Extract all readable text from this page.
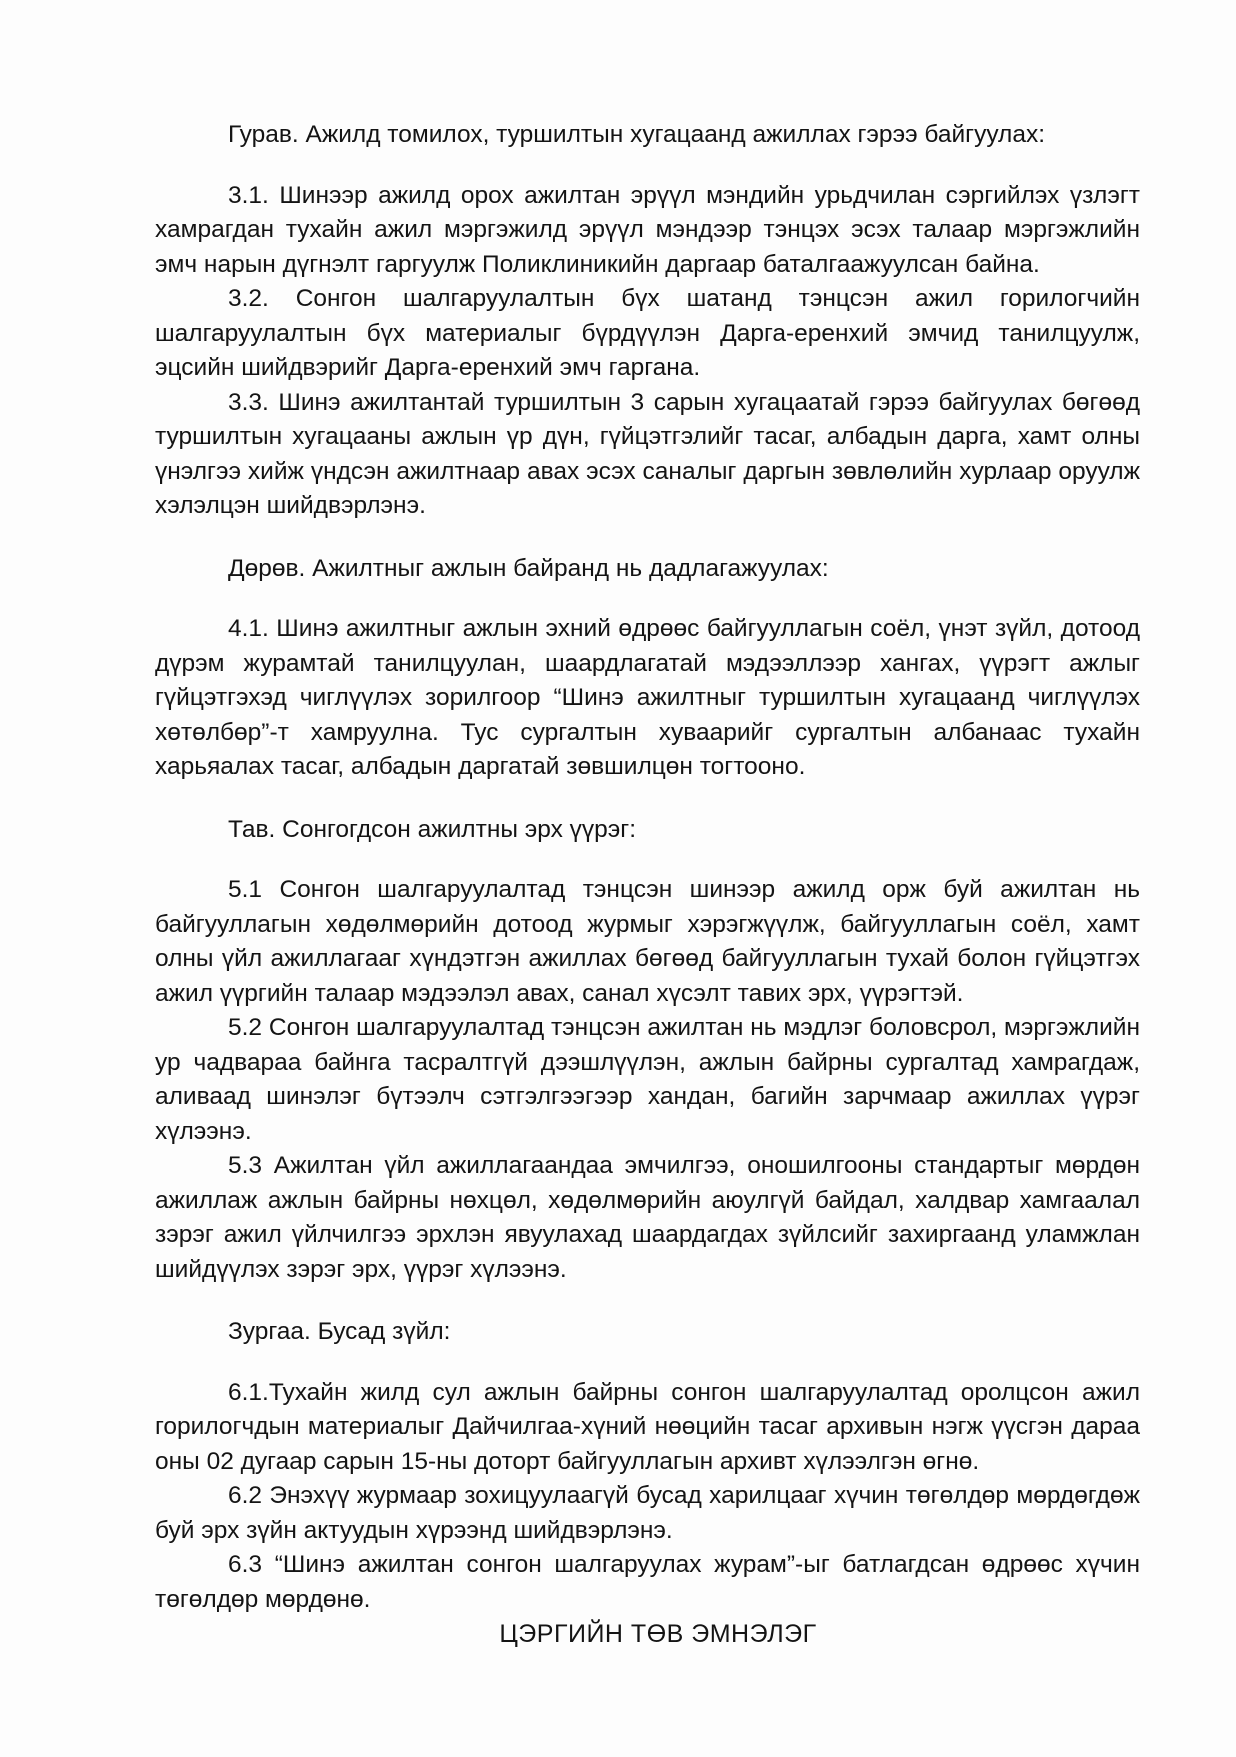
Гурав. Ажилд томилох, туршилтын хугацаанд ажиллах гэрээ байгуулах:

3.1. Шинээр ажилд орох ажилтан эрүүл мэндийн урьдчилан сэргийлэх үзлэгт хамрагдан тухайн ажил мэргэжилд эрүүл мэндээр тэнцэх эсэх талаар мэргэжлийн эмч нарын дүгнэлт гаргуулж Поликлиникийн даргаар баталгаажуулсан байна.

3.2. Сонгон шалгаруулалтын бүх шатанд тэнцсэн ажил горилогчийн шалгаруулалтын бүх материалыг бүрдүүлэн Дарга-еренхий эмчид танилцуулж, эцсийн шийдвэрийг Дарга-еренхий эмч гаргана.

3.3. Шинэ ажилтантай туршилтын 3 сарын хугацаатай гэрээ байгуулах бөгөөд туршилтын хугацааны ажлын үр дүн, гүйцэтгэлийг тасаг, албадын дарга, хамт олны үнэлгээ хийж үндсэн ажилтнаар авах эсэх саналыг даргын зөвлөлийн хурлаар оруулж хэлэлцэн шийдвэрлэнэ.

Дөрөв. Ажилтныг ажлын байранд нь дадлагажуулах:

4.1. Шинэ ажилтныг ажлын эхний өдрөөс байгууллагын соёл, үнэт зүйл, дотоод дүрэм журамтай танилцуулан, шаардлагатай мэдээллээр хангах, үүрэгт ажлыг гүйцэтгэхэд чиглүүлэх зорилгоор “Шинэ ажилтныг туршилтын хугацаанд чиглүүлэх хөтөлбөр”-т хамруулна. Тус сургалтын хуваарийг сургалтын албанаас тухайн харьяалах тасаг, албадын даргатай зөвшилцөн тогтооно.

Тав. Сонгогдсон ажилтны эрх үүрэг:

5.1 Сонгон шалгаруулалтад тэнцсэн шинээр ажилд орж буй ажилтан нь байгууллагын хөдөлмөрийн дотоод журмыг хэрэгжүүлж, байгууллагын соёл, хамт олны үйл ажиллагааг хүндэтгэн ажиллах бөгөөд байгууллагын тухай болон гүйцэтгэх ажил үүргийн талаар мэдээлэл авах, санал хүсэлт тавих эрх, үүрэгтэй.

5.2 Сонгон шалгаруулалтад тэнцсэн ажилтан нь мэдлэг боловсрол, мэргэжлийн ур чадвараа байнга тасралтгүй дээшлүүлэн, ажлын байрны сургалтад хамрагдаж, аливаад шинэлэг бүтээлч сэтгэлгээгээр хандан, багийн зарчмаар ажиллах үүрэг хүлээнэ.

5.3 Ажилтан үйл ажиллагаандаа эмчилгээ, оношилгооны стандартыг мөрдөн ажиллаж ажлын байрны нөхцөл, хөдөлмөрийн аюулгүй байдал, халдвар хамгаалал зэрэг ажил үйлчилгээ эрхлэн явуулахад шаардагдах зүйлсийг захиргаанд уламжлан шийдүүлэх зэрэг эрх, үүрэг хүлээнэ.

Зургаа. Бусад зүйл:

6.1.Тухайн жилд сул ажлын байрны сонгон шалгаруулалтад оролцсон ажил горилогчдын материалыг Дайчилгаа-хүний нөөцийн тасаг архивын нэгж үүсгэн дараа оны 02 дугаар сарын 15-ны доторт байгууллагын архивт хүлээлгэн өгнө.

6.2 Энэхүү журмаар зохицуулаагүй бусад харилцааг хүчин төгөлдөр мөрдөгдөж буй эрх зүйн актуудын хүрээнд шийдвэрлэнэ.

6.3 “Шинэ ажилтан сонгон шалгаруулах журам”-ыг батлагдсан өдрөөс хүчин төгөлдөр мөрдөнө.

ЦЭРГИЙН ТӨВ ЭМНЭЛЭГ
